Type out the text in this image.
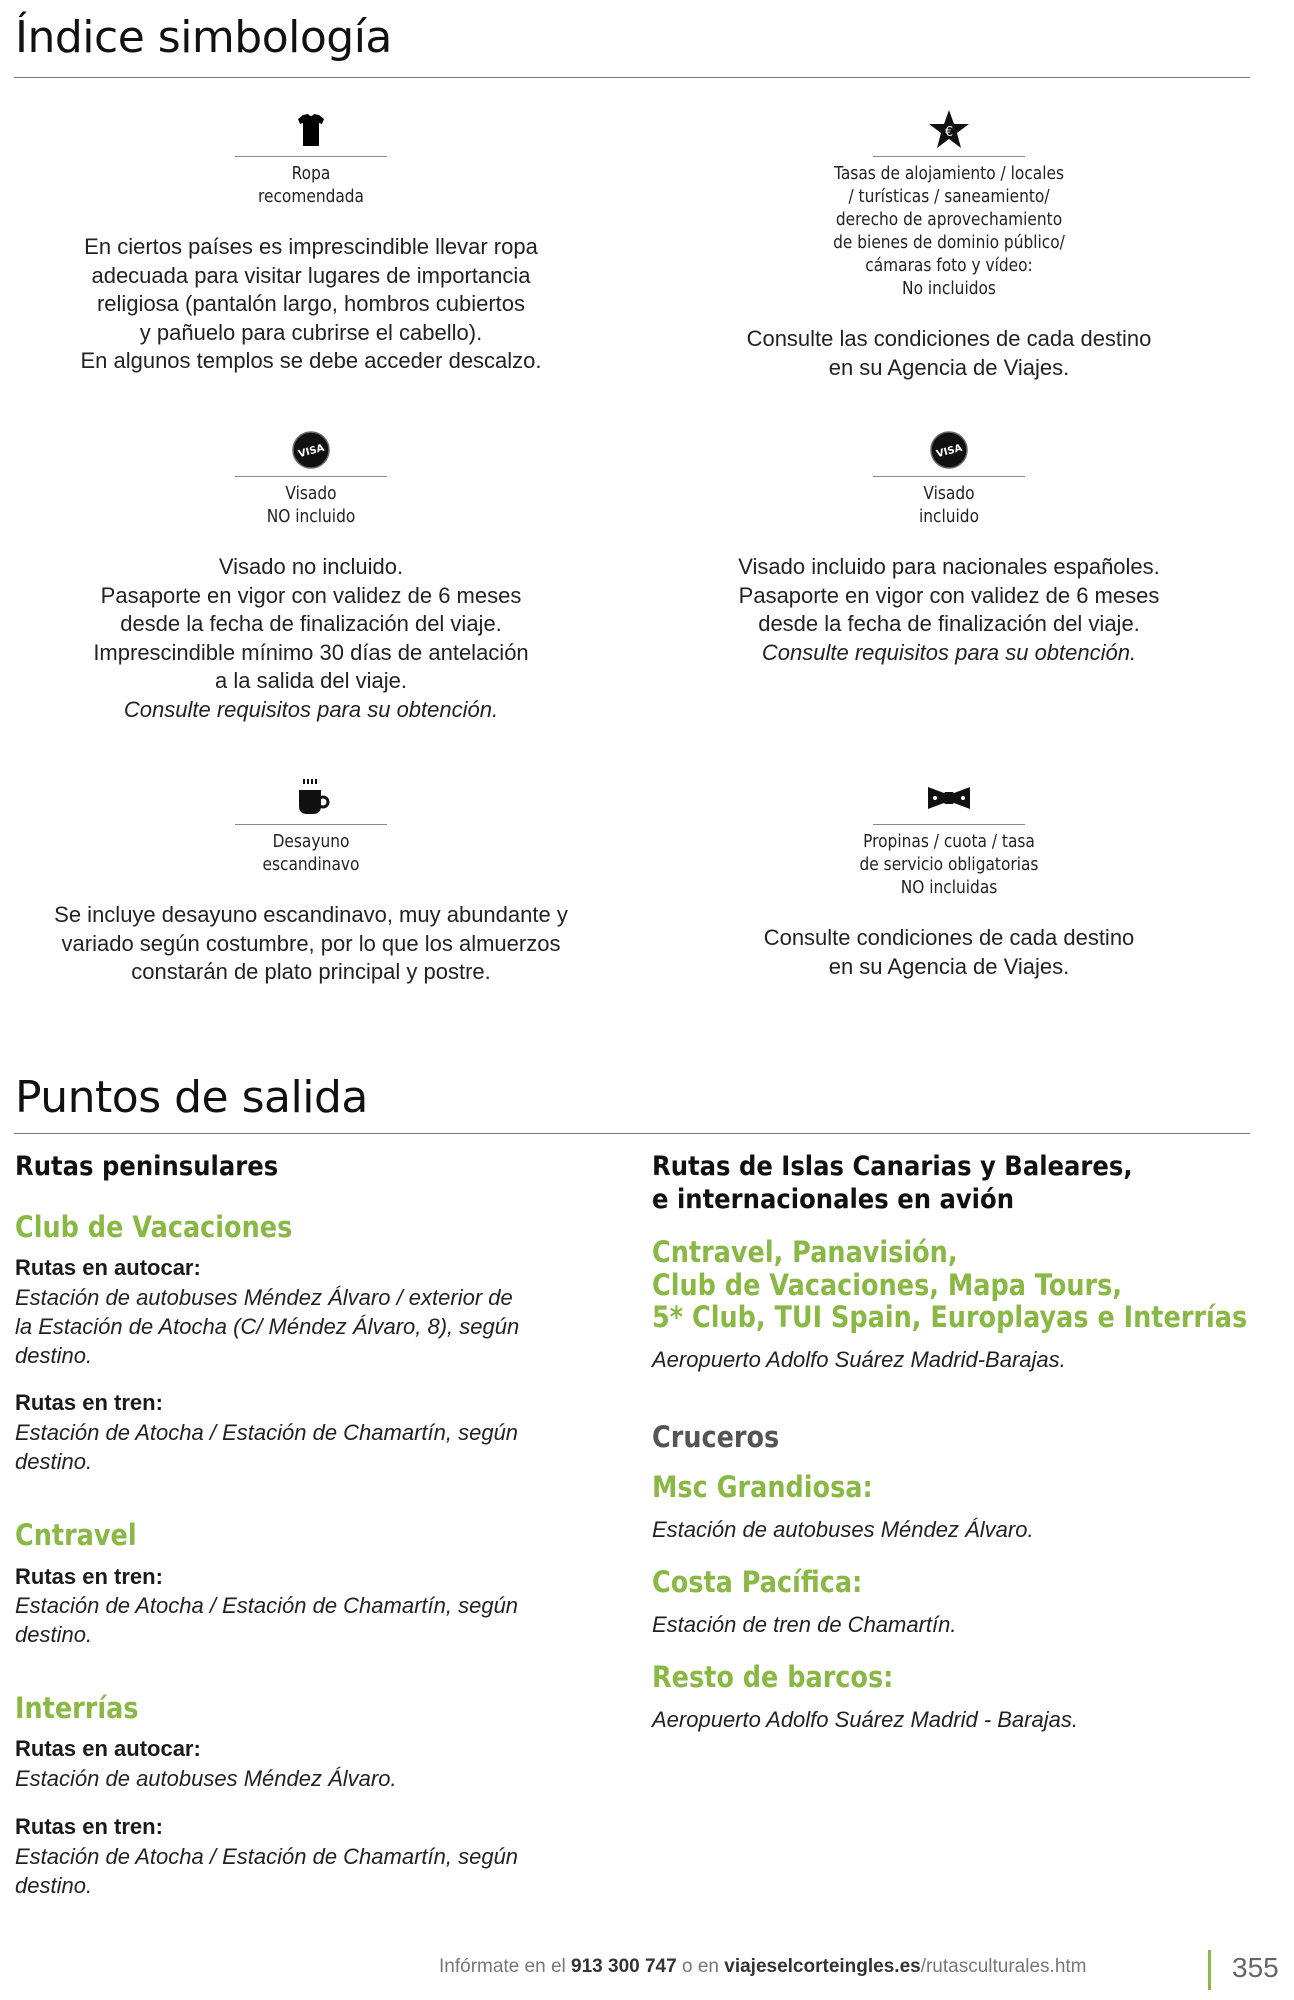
Índice simbología
Ropa
recomendada
En ciertos países es imprescindible llevar ropa
adecuada para visitar lugares de importancia
religiosa (pantalón largo, hombros cubiertos
y pañuelo para cubrirse el cabello).
En algunos templos se debe acceder descalzo.
€
Tasas de alojamiento / locales
/ turísticas / saneamiento/
derecho de aprovechamiento
de bienes de dominio público/
cámaras foto y vídeo:
No incluidos
Consulte las condiciones de cada destino
en su Agencia de Viajes.
VISA
Visado
NO incluido
Visado no incluido.
Pasaporte en vigor con validez de 6 meses
desde la fecha de finalización del viaje.
Imprescindible mínimo 30 días de antelación
a la salida del viaje.
Consulte requisitos para su obtención.
VISA
Visado
incluido
Visado incluido para nacionales españoles.
Pasaporte en vigor con validez de 6 meses
desde la fecha de finalización del viaje.
Consulte requisitos para su obtención.
Desayuno
escandinavo
Se incluye desayuno escandinavo, muy abundante y
variado según costumbre, por lo que los almuerzos
constarán de plato principal y postre.
Propinas / cuota / tasa
de servicio obligatorias
NO incluidas
Consulte condiciones de cada destino
en su Agencia de Viajes.
Puntos de salida
Rutas peninsulares
Club de Vacaciones
Rutas en autocar:
Estación de autobuses Méndez Álvaro / exterior de
la Estación de Atocha (C/ Méndez Álvaro, 8), según
destino.
Rutas en tren:
Estación de Atocha / Estación de Chamartín, según
destino.
Cntravel
Rutas en tren:
Estación de Atocha / Estación de Chamartín, según
destino.
Interrías
Rutas en autocar:
Estación de autobuses Méndez Álvaro.
Rutas en tren:
Estación de Atocha / Estación de Chamartín, según
destino.
Rutas de Islas Canarias y Baleares,
e internacionales en avión
Cntravel, Panavisión,
Club de Vacaciones, Mapa Tours,
5* Club, TUI Spain, Europlayas e Interrías
Aeropuerto Adolfo Suárez Madrid-Barajas.
Cruceros
Msc Grandiosa:
Estación de autobuses Méndez Álvaro.
Costa Pacífica:
Estación de tren de Chamartín.
Resto de barcos:
Aeropuerto Adolfo Suárez Madrid - Barajas.
Infórmate en el 913 300 747 o en viajeselcorteingles.es/rutasculturales.htm	355
